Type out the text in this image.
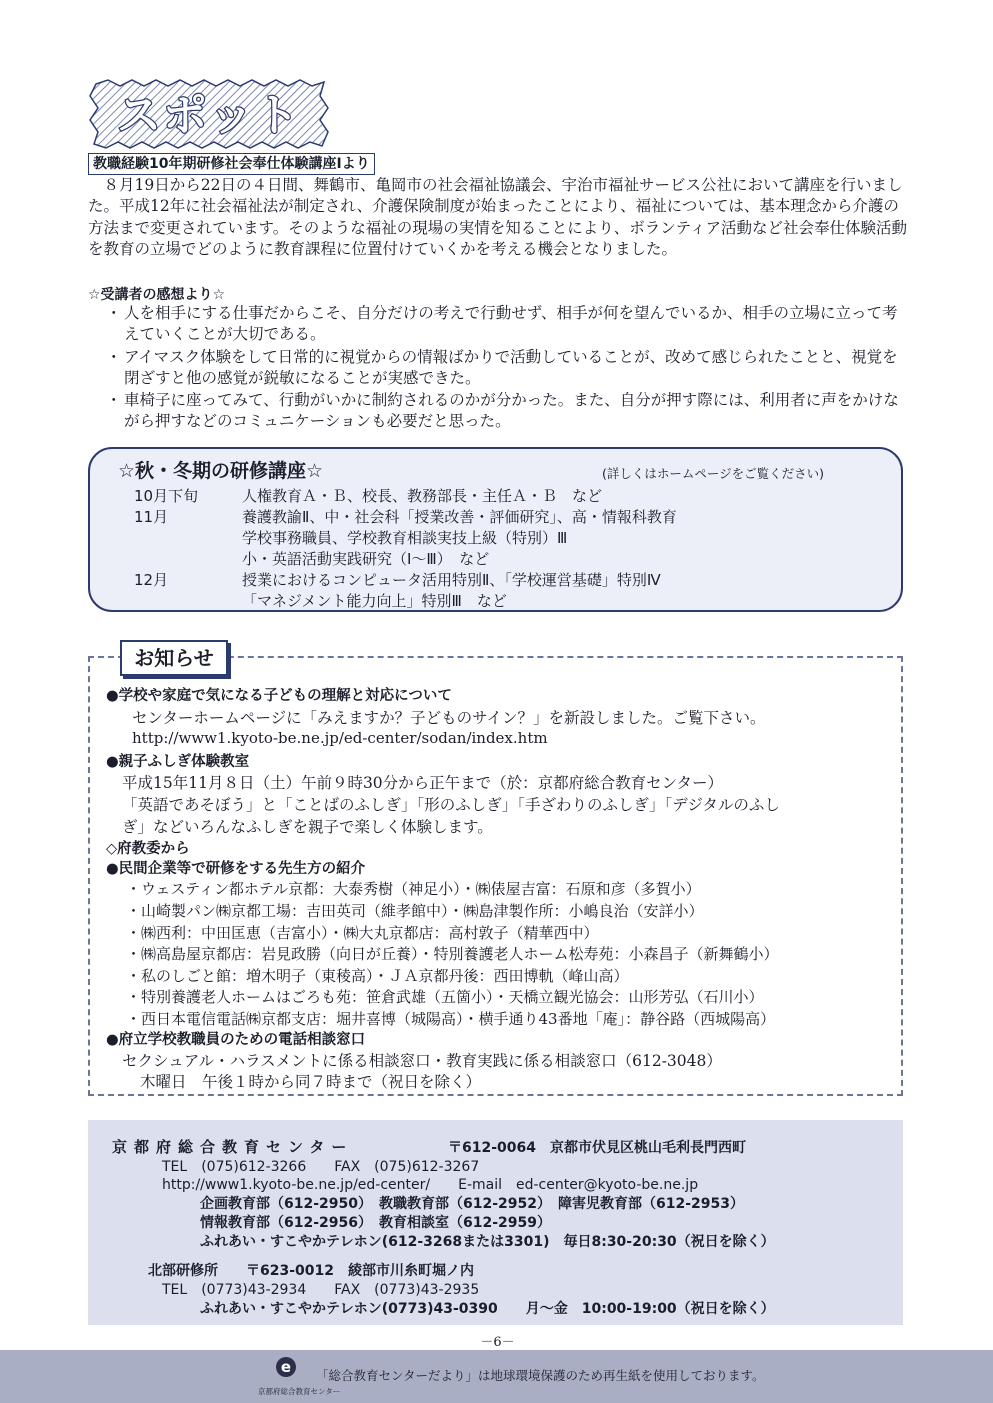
スポット
教職経験10年期研修社会奉仕体験講座Ⅰより
８月19日から22日の４日間、舞鶴市、亀岡市の社会福祉協議会、宇治市福祉サービス公社において講座を行いました。平成12年に社会福祉法が制定され、介護保険制度が始まったことにより、福祉については、基本理念から介護の方法まで変更されています。そのような福祉の現場の実情を知ることにより、ボランティア活動など社会奉仕体験活動を教育の立場でどのように教育課程に位置付けていくかを考える機会となりました。
☆受講者の感想より☆
・ 人を相手にする仕事だからこそ、自分だけの考えで行動せず、相手が何を望んでいるか、相手の立場に立って考えていくことが大切である。
・ アイマスク体験をして日常的に視覚からの情報ばかりで活動していることが、改めて感じられたことと、視覚を閉ざすと他の感覚が鋭敏になることが実感できた。
・ 車椅子に座ってみて、行動がいかに制約されるのかが分かった。また、自分が押す際には、利用者に声をかけながら押すなどのコミュニケーションも必要だと思った。
☆秋・冬期の研修講座☆	(詳しくはホームページをご覧ください)
10月下旬	人権教育Ａ・Ｂ、校長、教務部長・主任Ａ・Ｂ　など
11月	養護教諭Ⅱ、中・社会科「授業改善・評価研究」、高・情報科教育
学校事務職員、学校教育相談実技上級（特別）Ⅲ
小・英語活動実践研究（Ⅰ～Ⅲ）　など
12月	授業におけるコンピュータ活用特別Ⅱ、「学校運営基礎」特別Ⅳ
「マネジメント能力向上」特別Ⅲ　など
お知らせ
●学校や家庭で気になる子どもの理解と対応について
センターホームページに「みえますか？子どものサイン？」を新設しました。ご覧下さい。
http://www1.kyoto-be.ne.jp/ed-center/sodan/index.htm
●親子ふしぎ体験教室
平成15年11月８日（土）午前９時30分から正午まで（於：京都府総合教育センター）
「英語であそぼう」と「ことばのふしぎ」「形のふしぎ」「手ざわりのふしぎ」「デジタルのふし
ぎ」などいろんなふしぎを親子で楽しく体験します。
◇府教委から
●民間企業等で研修をする先生方の紹介
・ウェスティン都ホテル京都：大泰秀樹（神足小）・㈱俵屋吉富：石原和彦（多賀小）
・山崎製パン㈱京都工場：吉田英司（維孝館中）・㈱島津製作所：小嶋良治（安詳小）
・㈱西利：中田匡恵（吉富小）・㈱大丸京都店：高村敦子（精華西中）
・㈱高島屋京都店：岩見政勝（向日が丘養）・特別養護老人ホーム松寿苑：小森昌子（新舞鶴小）
・私のしごと館：増木明子（東稜高）・ＪＡ京都丹後：西田博軌（峰山高）
・特別養護老人ホームはごろも苑：笹倉武雄（五箇小）・天橋立観光協会：山形芳弘（石川小）
・西日本電信電話㈱京都支店：堀井喜博（城陽高）・横手通り43番地「庵」：静谷路（西城陽高）
●府立学校教職員のための電話相談窓口
セクシュアル・ハラスメントに係る相談窓口・教育実践に係る相談窓口（612-3048）
木曜日　午後１時から同７時まで（祝日を除く）
京都府総合教育センター	〒612-0064　京都市伏見区桃山毛利長門西町
TEL　(075)612-3266　　FAX　(075)612-3267
http://www1.kyoto-be.ne.jp/ed-center/　　E-mail　ed-center@kyoto-be.ne.jp
企画教育部（612-2950）　教職教育部（612-2952）　障害児教育部（612-2953）
情報教育部（612-2956）　教育相談室（612-2959）
ふれあい・すこやかテレホン(612-3268または3301)　毎日8:30-20:30（祝日を除く）
北部研修所　　〒623-0012　綾部市川糸町堀ノ内
TEL　(0773)43-2934　　FAX　(0773)43-2935
ふれあい・すこやかテレホン(0773)43-0390　　月～金　10:00-19:00（祝日を除く）
－6－
e 「総合教育センターだより」は地球環境保護のため再生紙を使用しております。
京都府総合教育センター
